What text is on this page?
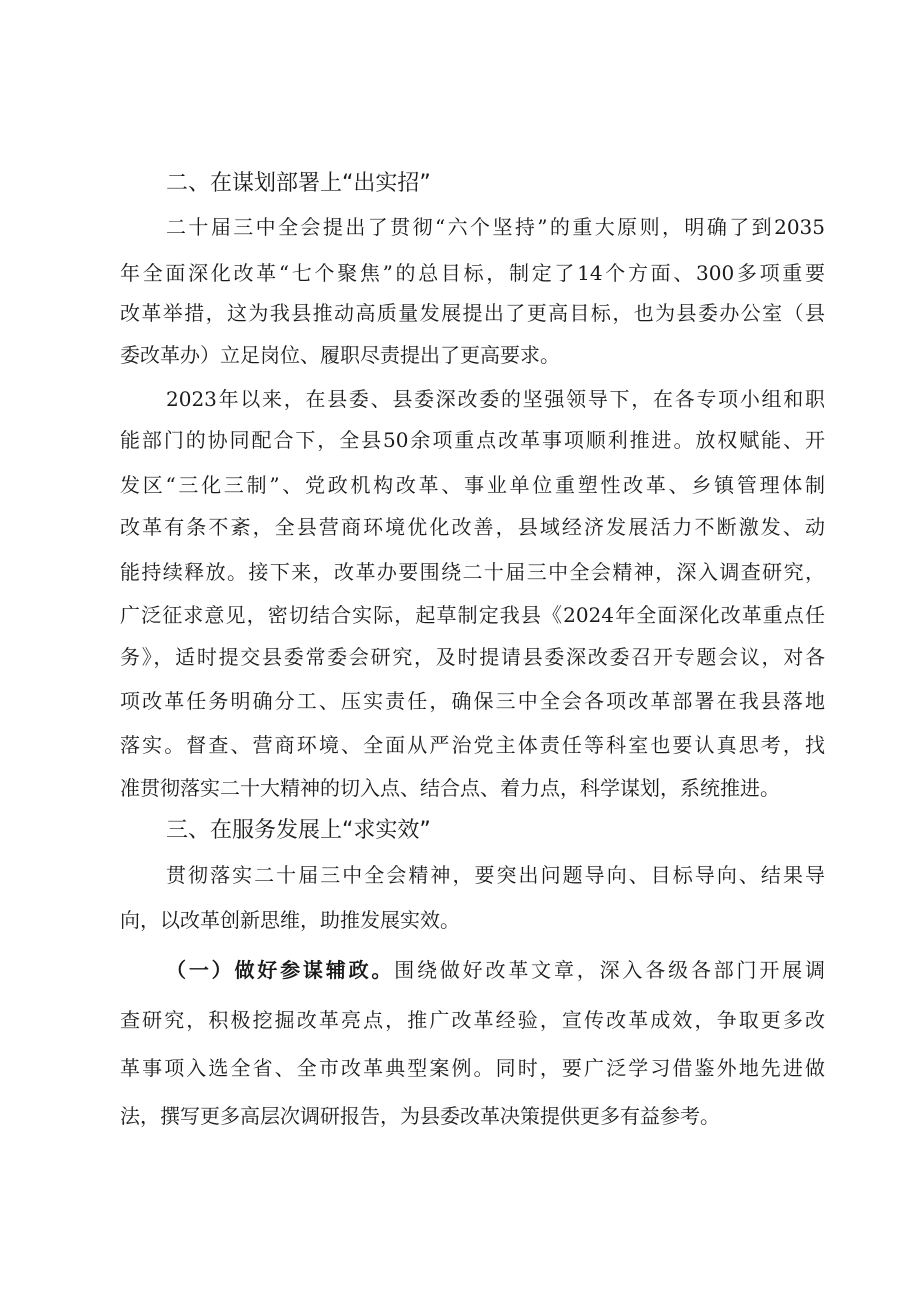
二、在谋划部署上“出实招”
二十届三中全会提出了贯彻“六个坚持”的重大原则，明确了到2035
年全面深化改革“七个聚焦”的总目标，制定了14个方面、300多项重要
改革举措，这为我县推动高质量发展提出了更高目标，也为县委办公室（县
委改革办）立足岗位、履职尽责提出了更高要求。
2023年以来，在县委、县委深改委的坚强领导下，在各专项小组和职
能部门的协同配合下，全县50余项重点改革事项顺利推进。放权赋能、开
发区“三化三制”、党政机构改革、事业单位重塑性改革、乡镇管理体制
改革有条不紊，全县营商环境优化改善，县域经济发展活力不断激发、动
能持续释放。接下来，改革办要围绕二十届三中全会精神，深入调查研究，
广泛征求意见，密切结合实际，起草制定我县《2024年全面深化改革重点任
务》，适时提交县委常委会研究，及时提请县委深改委召开专题会议，对各
项改革任务明确分工、压实责任，确保三中全会各项改革部署在我县落地
落实。督查、营商环境、全面从严治党主体责任等科室也要认真思考，找
准贯彻落实二十大精神的切入点、结合点、着力点，科学谋划，系统推进。
三、在服务发展上“求实效”
贯彻落实二十届三中全会精神，要突出问题导向、目标导向、结果导
向，以改革创新思维，助推发展实效。
（一）做好参谋辅政。围绕做好改革文章，深入各级各部门开展调
查研究，积极挖掘改革亮点，推广改革经验，宣传改革成效，争取更多改
革事项入选全省、全市改革典型案例。同时，要广泛学习借鉴外地先进做
法，撰写更多高层次调研报告，为县委改革决策提供更多有益参考。
